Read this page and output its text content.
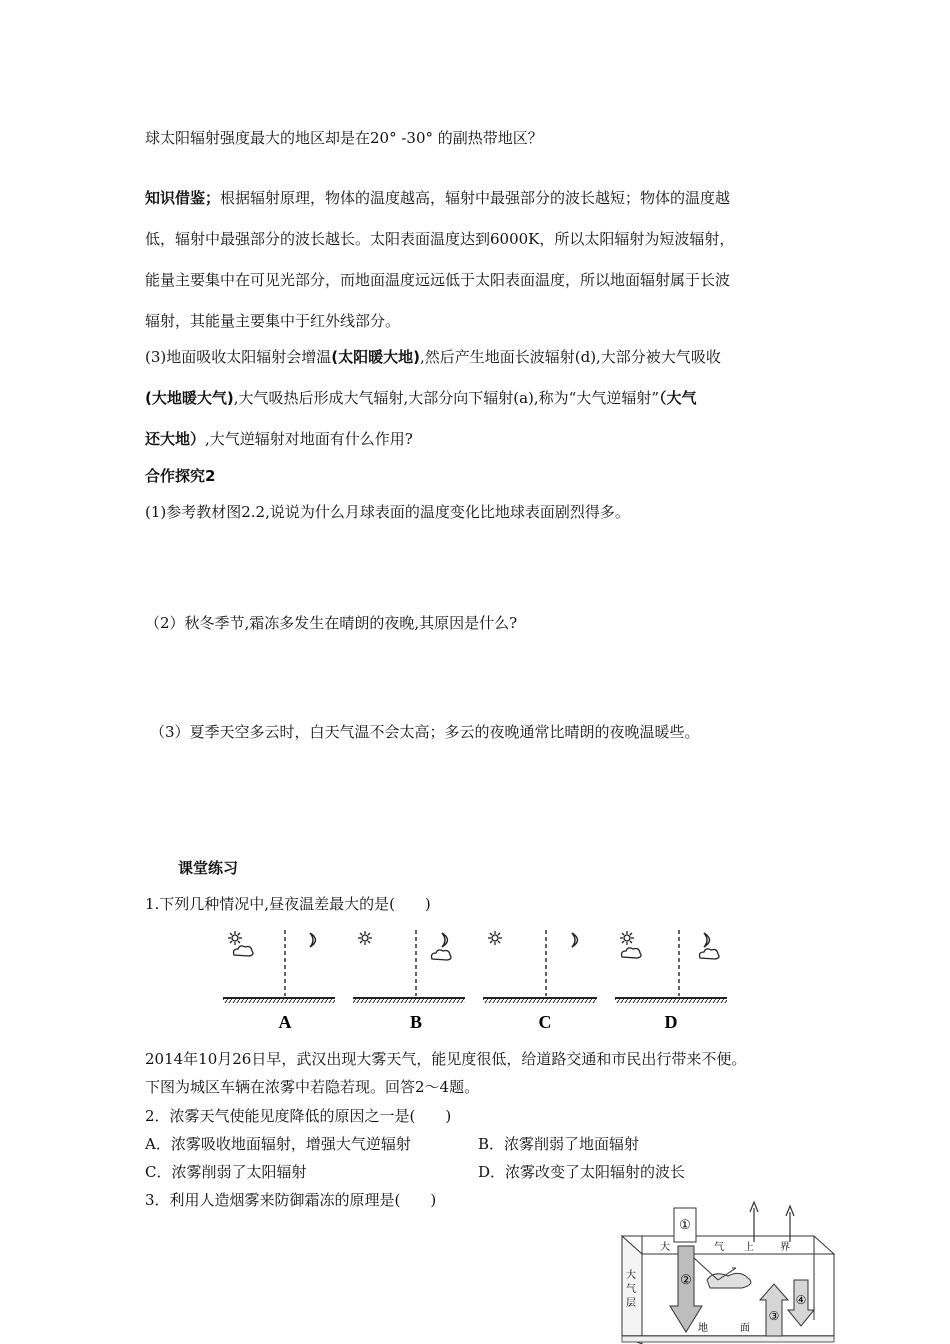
球太阳辐射强度最大的地区却是在20° -30° 的副热带地区？
知识借鉴；根据辐射原理，物体的温度越高，辐射中最强部分的波长越短；物体的温度越
低，辐射中最强部分的波长越长。太阳表面温度达到6000K，所以太阳辐射为短波辐射，
能量主要集中在可见光部分，而地面温度远远低于太阳表面温度，所以地面辐射属于长波
辐射，其能量主要集中于红外线部分。
(3)地面吸收太阳辐射会增温(太阳暖大地),然后产生地面长波辐射(d),大部分被大气吸收
(大地暖大气),大气吸热后形成大气辐射,大部分向下辐射(a),称为“大气逆辐射”（大气
还大地）,大气逆辐射对地面有什么作用?
合作探究2
(1)参考教材图2.2,说说为什么月球表面的温度变化比地球表面剧烈得多。
（2）秋冬季节,霜冻多发生在晴朗的夜晚,其原因是什么?
（3）夏季天空多云时，白天气温不会太高；多云的夜晚通常比晴朗的夜晚温暖些。
课堂练习
1.下列几种情况中,昼夜温差最大的是(　　)
A	B	C	D
2014年10月26日早，武汉出现大雾天气，能见度很低，给道路交通和市民出行带来不便。
下图为城区车辆在浓雾中若隐若现。回答2～4题。
2．浓雾天气使能见度降低的原因之一是(　　)
A．浓雾吸收地面辐射，增强大气逆辐射	B．浓雾削弱了地面辐射
C．浓雾削弱了太阳辐射	D．浓雾改变了太阳辐射的波长
3．利用人造烟雾来防御霜冻的原理是(　　)
①
②
③
④
大	气 上	界
大
气
层
地	面
